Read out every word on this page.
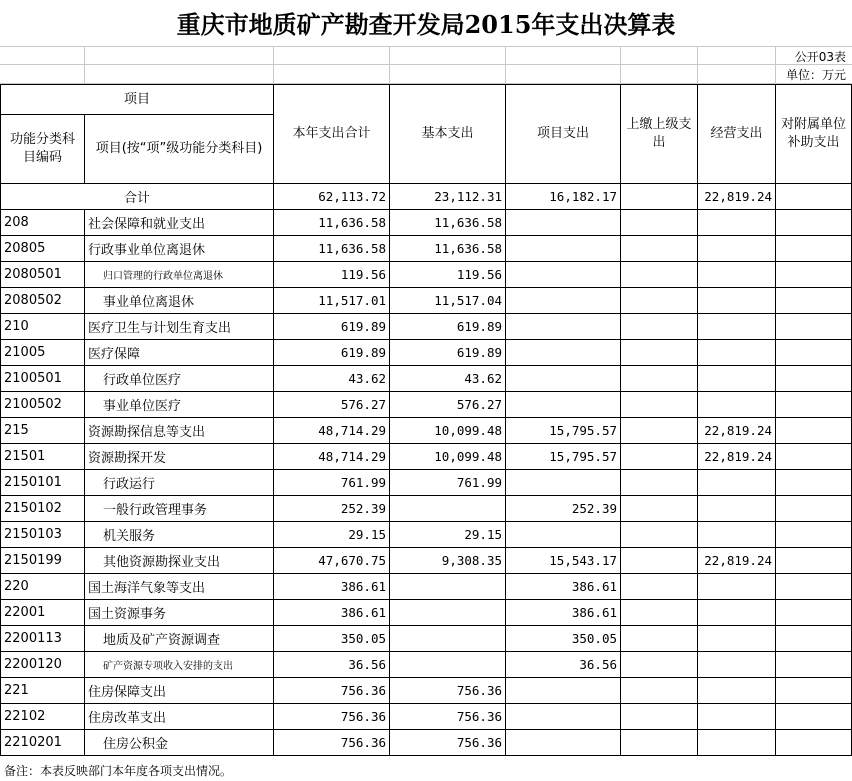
重庆市地质矿产勘查开发局2015年支出决算表
公开03表
单位：万元
项目		本年支出合计	基本支出	项目支出	上缴上级支出	经营支出	对附属单位补助支出
功能分类科目编码	项目(按“项”级功能分类科目)						
合计		62,113.72	23,112.31	16,182.17		22,819.24	
208	社会保障和就业支出	11,636.58	11,636.58				
20805	行政事业单位离退休	11,636.58	11,636.58				
2080501	归口管理的行政单位离退休	119.56	119.56				
2080502	事业单位离退休	11,517.01	11,517.04				
210	医疗卫生与计划生育支出	619.89	619.89				
21005	医疗保障	619.89	619.89				
2100501	行政单位医疗	43.62	43.62				
2100502	事业单位医疗	576.27	576.27				
215	资源勘探信息等支出	48,714.29	10,099.48	15,795.57		22,819.24	
21501	资源勘探开发	48,714.29	10,099.48	15,795.57		22,819.24	
2150101	行政运行	761.99	761.99				
2150102	一般行政管理事务	252.39		252.39			
2150103	机关服务	29.15	29.15				
2150199	其他资源勘探业支出	47,670.75	9,308.35	15,543.17		22,819.24	
220	国土海洋气象等支出	386.61		386.61			
22001	国土资源事务	386.61		386.61			
2200113	地质及矿产资源调查	350.05		350.05			
2200120	矿产资源专项收入安排的支出	36.56		36.56			
221	住房保障支出	756.36	756.36				
22102	住房改革支出	756.36	756.36				
2210201	住房公积金	756.36	756.36				
备注：本表反映部门本年度各项支出情况。
